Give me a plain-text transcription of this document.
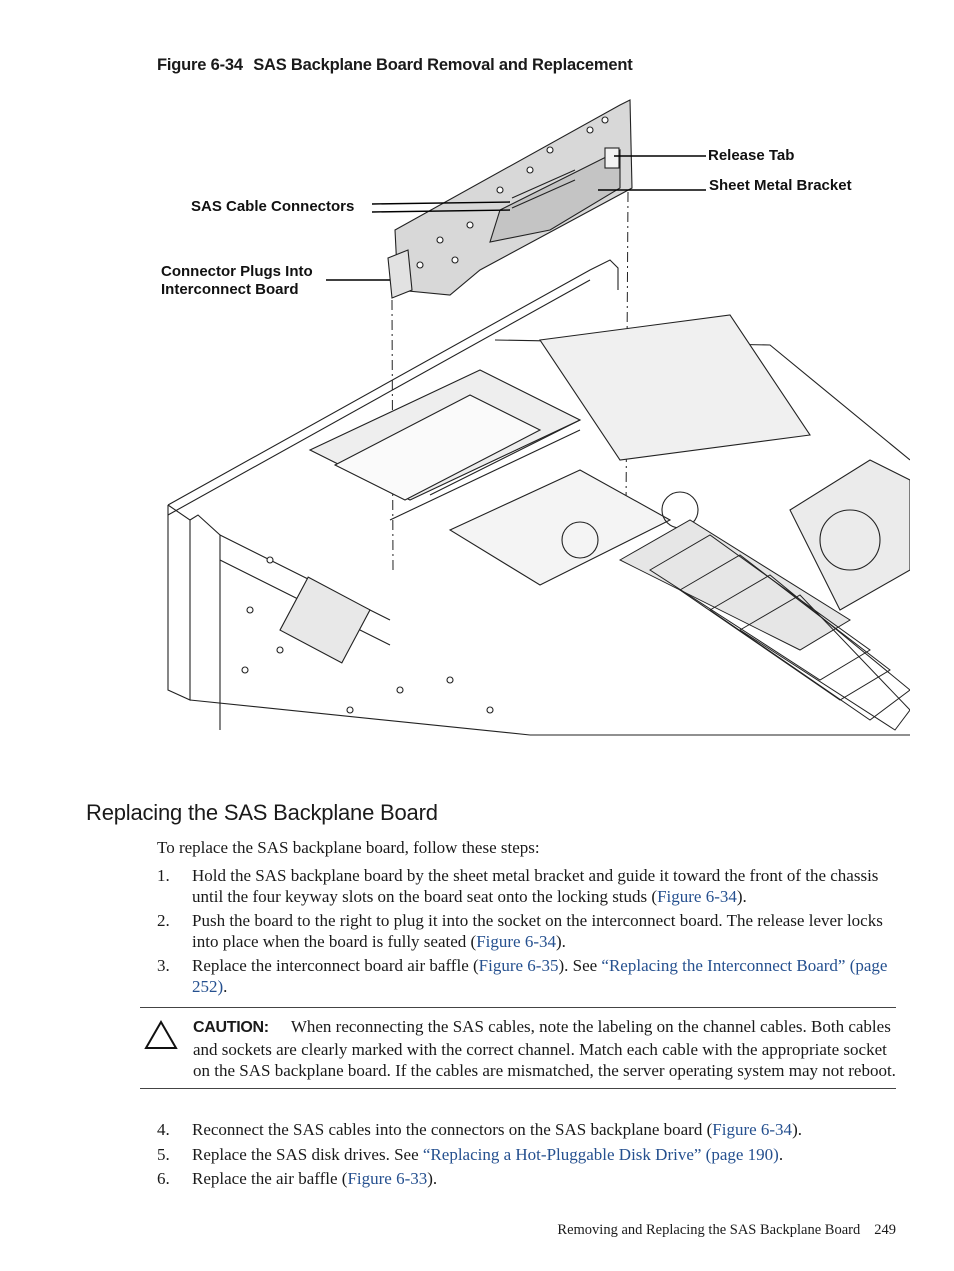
Figure 6-34 SAS Backplane Board Removal and Replacement
Release Tab
Sheet Metal Bracket
SAS Cable Connectors
Connector Plugs Into
Interconnect Board
Replacing the SAS Backplane Board
To replace the SAS backplane board, follow these steps:
1.	Hold the SAS backplane board by the sheet metal bracket and guide it toward the front of the chassis until the four keyway slots on the board seat onto the locking studs (Figure 6-34).
2.	Push the board to the right to plug it into the socket on the interconnect board. The release lever locks into place when the board is fully seated (Figure 6-34).
3.	Replace the interconnect board air baffle (Figure 6-35). See “Replacing the Interconnect Board” (page 252).
CAUTION: When reconnecting the SAS cables, note the labeling on the channel cables. Both cables and sockets are clearly marked with the correct channel. Match each cable with the appropriate socket on the SAS backplane board. If the cables are mismatched, the server operating system may not reboot.
4.	Reconnect the SAS cables into the connectors on the SAS backplane board (Figure 6-34).
5.	Replace the SAS disk drives. See “Replacing a Hot-Pluggable Disk Drive” (page 190).
6.	Replace the air baffle (Figure 6-33).
Removing and Replacing the SAS Backplane Board 249
